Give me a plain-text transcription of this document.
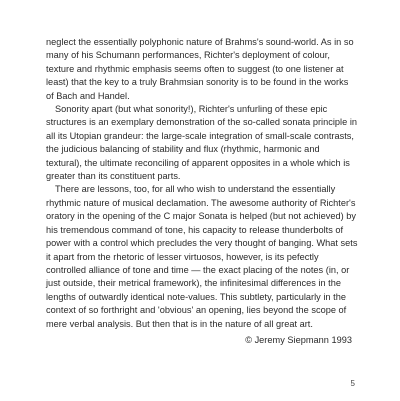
neglect the essentially polyphonic nature of Brahms's sound-world. As in so many of his Schumann performances, Richter's deployment of colour, texture and rhythmic emphasis seems often to suggest (to one listener at least) that the key to a truly Brahmsian sonority is to be found in the works of Bach and Handel.

Sonority apart (but what sonority!), Richter's unfurling of these epic structures is an exemplary demonstration of the so-called sonata principle in all its Utopian grandeur: the large-scale integration of small-scale contrasts, the judicious balancing of stability and flux (rhythmic, harmonic and textural), the ultimate reconciling of apparent opposites in a whole which is greater than its constituent parts.

There are lessons, too, for all who wish to understand the essentially rhythmic nature of musical declamation. The awesome authority of Richter's oratory in the opening of the C major Sonata is helped (but not achieved) by his tremendous command of tone, his capacity to release thunderbolts of power with a control which precludes the very thought of banging. What sets it apart from the rhetoric of lesser virtuosos, however, is its pefectly controlled alliance of tone and time — the exact placing of the notes (in, or just outside, their metrical framework), the infinitesimal differences in the lengths of outwardly identical note-values. This subtlety, particularly in the context of so forthright and 'obvious' an opening, lies beyond the scope of mere verbal analysis. But then that is in the nature of all great art.

© Jeremy Siepmann 1993

5
